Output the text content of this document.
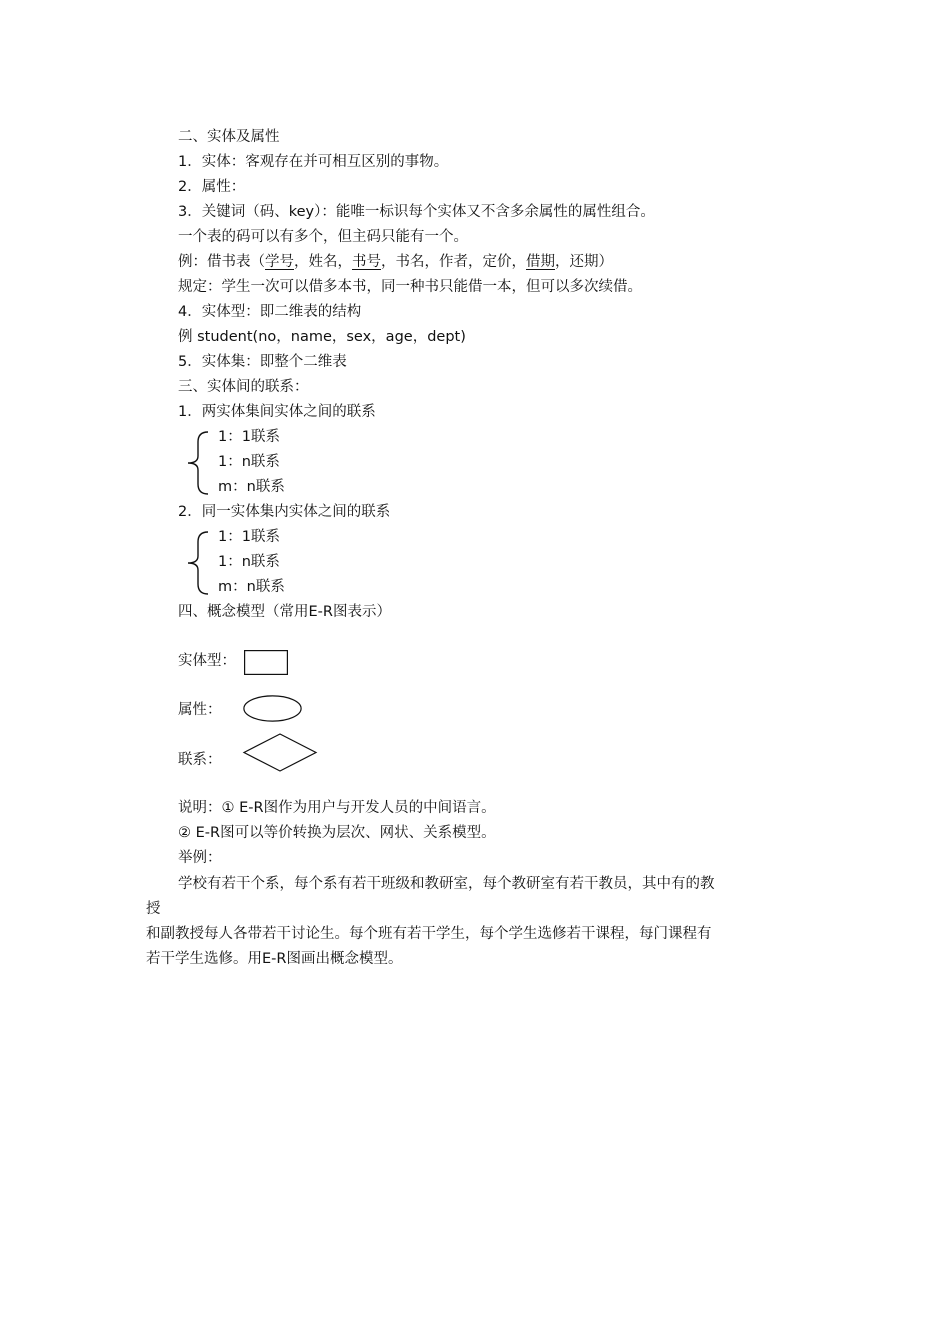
二、实体及属性
1．实体：客观存在并可相互区别的事物。
2．属性：
3．关键词（码、key）：能唯一标识每个实体又不含多余属性的属性组合。
一个表的码可以有多个，但主码只能有一个。
例：借书表（学号，姓名，书号，书名，作者，定价，借期，还期）
规定：学生一次可以借多本书，同一种书只能借一本，但可以多次续借。
4．实体型：即二维表的结构
例 student(no，name，sex，age，dept)
5．实体集：即整个二维表
三、实体间的联系：
1．两实体集间实体之间的联系
1：1联系
1：n联系
m：n联系
2．同一实体集内实体之间的联系
1：1联系
1：n联系
m：n联系
四、概念模型（常用E-R图表示）
实体型：
属性：
联系：
说明：① E-R图作为用户与开发人员的中间语言。
② E-R图可以等价转换为层次、网状、关系模型。
举例：
学校有若干个系，每个系有若干班级和教研室，每个教研室有若干教员，其中有的教
授
和副教授每人各带若干讨论生。每个班有若干学生，每个学生选修若干课程，每门课程有
若干学生选修。用E-R图画出概念模型。
